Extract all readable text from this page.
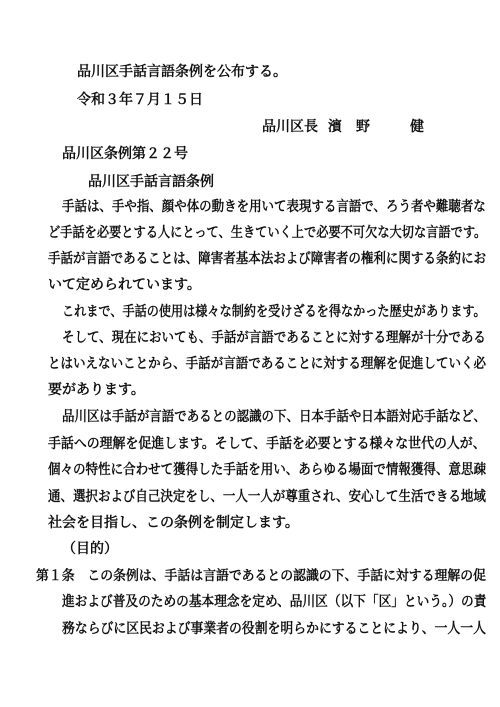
品川区手話言語条例を公布する。
令和３年７月１５日
品川区長 濱　野	健
品川区条例第２２号
品川区手話言語条例
手話は、手や指、顔や体の動きを用いて表現する言語で、ろう者や難聴者な
ど手話を必要とする人にとって、生きていく上で必要不可欠な大切な言語です。
手話が言語であることは、障害者基本法および障害者の権利に関する条約にお
いて定められています。
これまで、手話の使用は様々な制約を受けざるを得なかった歴史があります。
そして、現在においても、手話が言語であることに対する理解が十分である
とはいえないことから、手話が言語であることに対する理解を促進していく必
要があります。
品川区は手話が言語であるとの認識の下、日本手話や日本語対応手話など、
手話への理解を促進します。そして、手話を必要とする様々な世代の人が、
個々の特性に合わせて獲得した手話を用い、あらゆる場面で情報獲得、意思疎
通、選択および自己決定をし、一人一人が尊重され、安心して生活できる地域
社会を目指し、この条例を制定します。
（目的）
第１条　この条例は、手話は言語であるとの認識の下、手話に対する理解の促
進および普及のための基本理念を定め、品川区（以下「区」という。）の責
務ならびに区民および事業者の役割を明らかにすることにより、一人一人
